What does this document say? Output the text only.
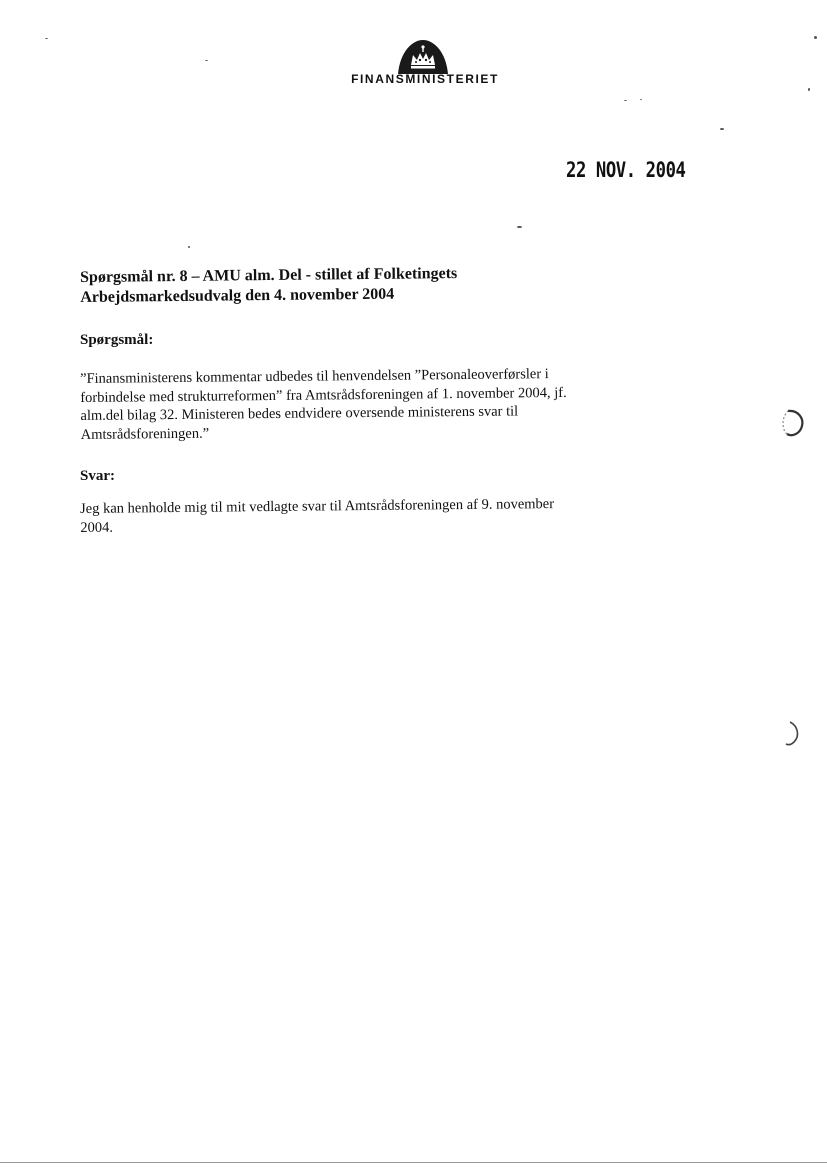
FINANSMINISTERIET
22 NOV. 2004
Spørgsmål nr. 8 – AMU alm. Del - stillet af Folketingets
Arbejdsmarkedsudvalg den 4. november 2004
Spørgsmål:
”Finansministerens kommentar udbedes til henvendelsen ”Personaleoverførsler i
forbindelse med strukturreformen” fra Amtsrådsforeningen af 1. november 2004, jf.
alm.del bilag 32. Ministeren bedes endvidere oversende ministerens svar til
Amtsrådsforeningen.”
Svar:
Jeg kan henholde mig til mit vedlagte svar til Amtsrådsforeningen af 9. november
2004.
